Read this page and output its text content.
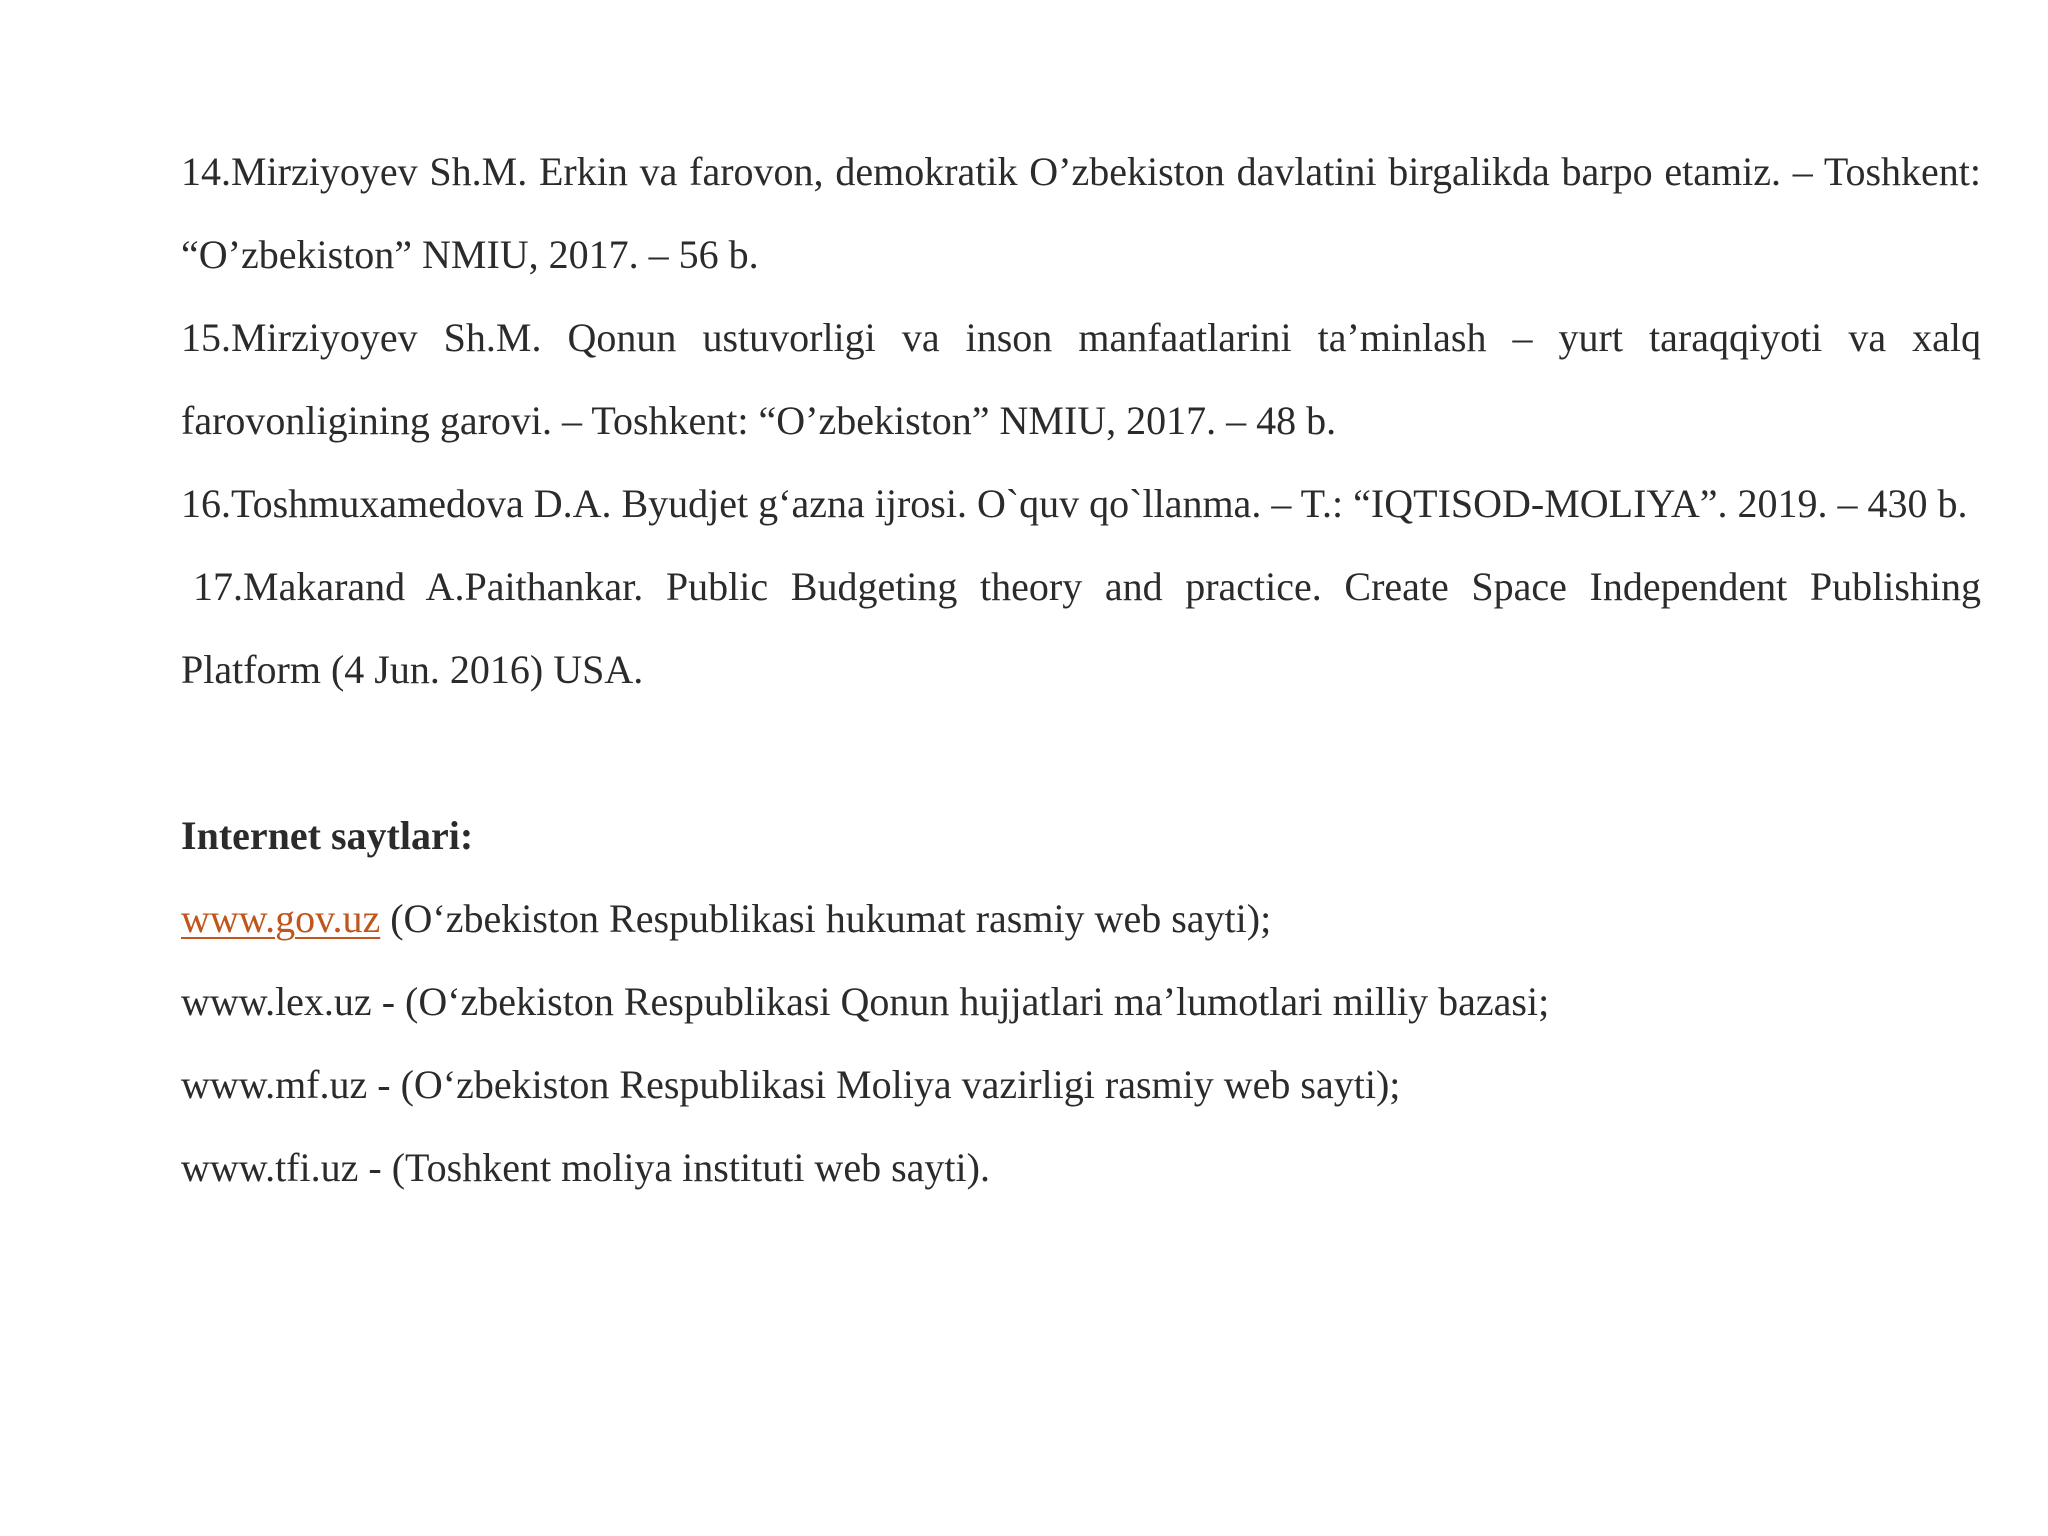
14.Mirziyoyev Sh.M. Erkin va farovon, demokratik O’zbekiston davlatini birgalikda barpo etamiz. – Toshkent: “O’zbekiston” NMIU, 2017. – 56 b.

15.Mirziyoyev Sh.M. Qonun ustuvorligi va inson manfaatlarini ta’minlash – yurt taraqqiyoti va xalq farovonligining garovi. – Toshkent: “O’zbekiston” NMIU, 2017. – 48 b.

16.Toshmuxamedova D.A. Byudjet g‘azna ijrosi. O`quv qo`llanma. – T.: “IQTISOD-MOLIYA”. 2019. – 430 b.

17.Makarand A.Paithankar. Public Budgeting theory and practice. Create Space Independent Publishing Platform (4 Jun. 2016) USA.

Internet saytlari:

www.gov.uz (O‘zbekiston Respublikasi hukumat rasmiy web sayti);

www.lex.uz - (O‘zbekiston Respublikasi Qonun hujjatlari ma’lumotlari milliy bazasi;

www.mf.uz - (O‘zbekiston Respublikasi Moliya vazirligi rasmiy web sayti);

www.tfi.uz - (Toshkent moliya instituti web sayti).
